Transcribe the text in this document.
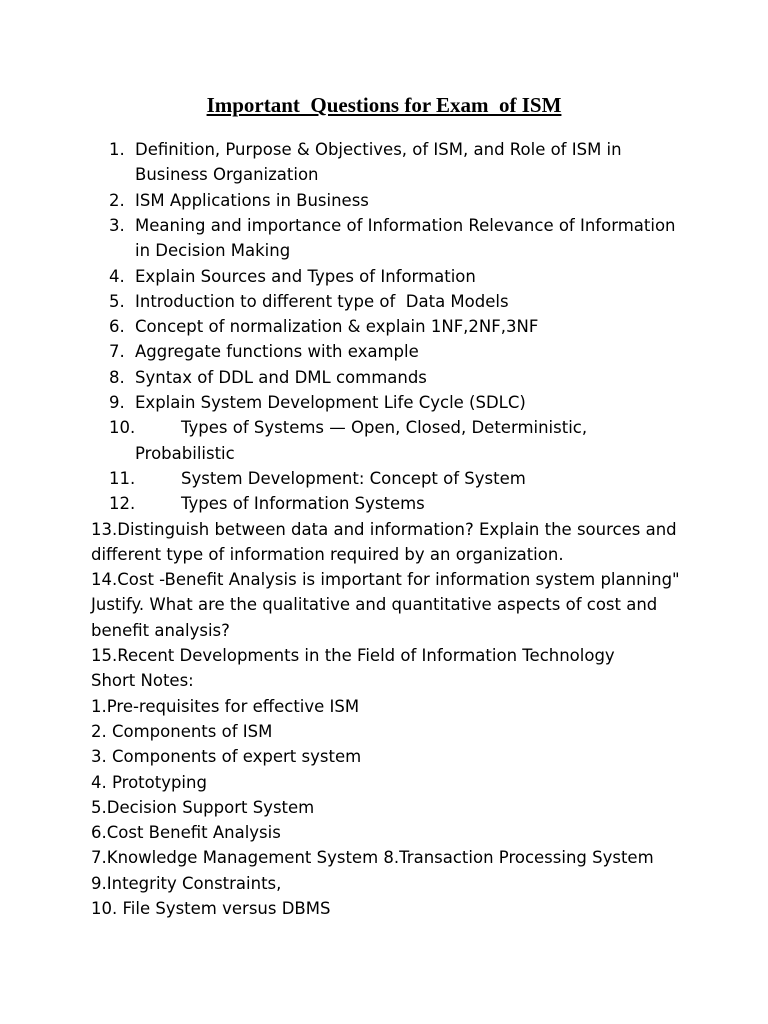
Important  Questions for Exam  of ISM
1. Definition, Purpose & Objectives, of ISM, and Role of ISM in
Business Organization
2. ISM Applications in Business
3. Meaning and importance of Information Relevance of Information
in Decision Making
4. Explain Sources and Types of Information
5. Introduction to different type of  Data Models
6. Concept of normalization & explain 1NF,2NF,3NF
7. Aggregate functions with example
8. Syntax of DDL and DML commands
9. Explain System Development Life Cycle (SDLC)
10.	Types of Systems — Open, Closed, Deterministic,
Probabilistic
11.	System Development: Concept of System
12.	Types of Information Systems
13.Distinguish between data and information? Explain the sources and
different type of information required by an organization.
14.Cost -Benefit Analysis is important for information system planning"
Justify. What are the qualitative and quantitative aspects of cost and
benefit analysis?
15.Recent Developments in the Field of Information Technology
Short Notes:
1.Pre-requisites for effective ISM
2. Components of ISM
3. Components of expert system
4. Prototyping
5.Decision Support System
6.Cost Benefit Analysis
7.Knowledge Management System 8.Transaction Processing System
9.Integrity Constraints,
10. File System versus DBMS
